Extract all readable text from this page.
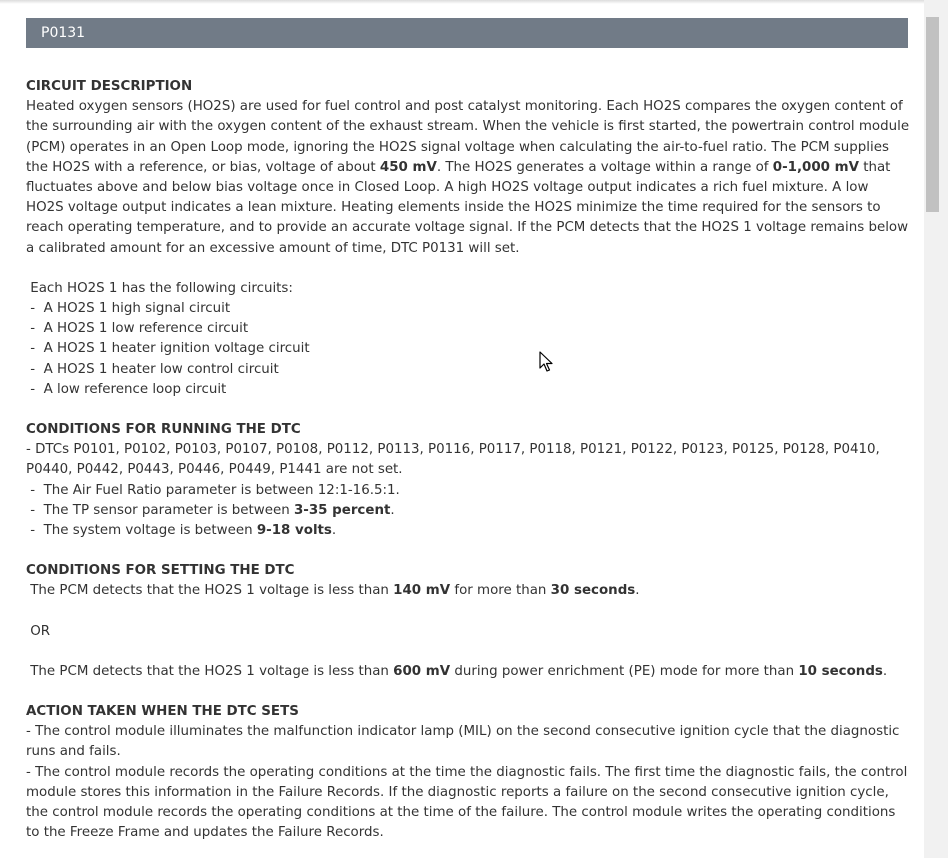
P0131
CIRCUIT DESCRIPTION
Heated oxygen sensors (HO2S) are used for fuel control and post catalyst monitoring. Each HO2S compares the oxygen content of the surrounding air with the oxygen content of the exhaust stream. When the vehicle is first started, the powertrain control module (PCM) operates in an Open Loop mode, ignoring the HO2S signal voltage when calculating the air-to-fuel ratio. The PCM supplies the HO2S with a reference, or bias, voltage of about 450 mV. The HO2S generates a voltage within a range of 0-1,000 mV that fluctuates above and below bias voltage once in Closed Loop. A high HO2S voltage output indicates a rich fuel mixture. A low HO2S voltage output indicates a lean mixture. Heating elements inside the HO2S minimize the time required for the sensors to reach operating temperature, and to provide an accurate voltage signal. If the PCM detects that the HO2S 1 voltage remains below a calibrated amount for an excessive amount of time, DTC P0131 will set.
Each HO2S 1 has the following circuits:
-  A HO2S 1 high signal circuit
-  A HO2S 1 low reference circuit
-  A HO2S 1 heater ignition voltage circuit
-  A HO2S 1 heater low control circuit
-  A low reference loop circuit
CONDITIONS FOR RUNNING THE DTC
- DTCs P0101, P0102, P0103, P0107, P0108, P0112, P0113, P0116, P0117, P0118, P0121, P0122, P0123, P0125, P0128, P0410, P0440, P0442, P0443, P0446, P0449, P1441 are not set.
-  The Air Fuel Ratio parameter is between 12:1-16.5:1.
-  The TP sensor parameter is between 3-35 percent.
-  The system voltage is between 9-18 volts.
CONDITIONS FOR SETTING THE DTC
The PCM detects that the HO2S 1 voltage is less than 140 mV for more than 30 seconds.
OR
The PCM detects that the HO2S 1 voltage is less than 600 mV during power enrichment (PE) mode for more than 10 seconds.
ACTION TAKEN WHEN THE DTC SETS
- The control module illuminates the malfunction indicator lamp (MIL) on the second consecutive ignition cycle that the diagnostic runs and fails.
- The control module records the operating conditions at the time the diagnostic fails. The first time the diagnostic fails, the control module stores this information in the Failure Records. If the diagnostic reports a failure on the second consecutive ignition cycle, the control module records the operating conditions at the time of the failure. The control module writes the operating conditions to the Freeze Frame and updates the Failure Records.
